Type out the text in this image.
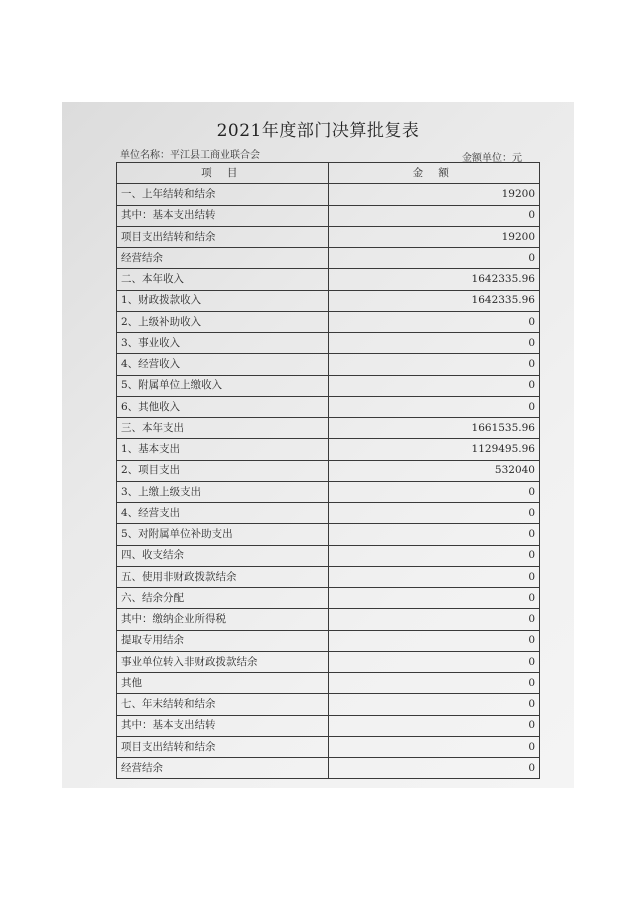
2021年度部门决算批复表
单位名称：平江县工商业联合会	金额单位：元
项 目	金 额
一、上年结转和结余	19200
其中：基本支出结转	0
项目支出结转和结余	19200
经营结余	0
二、本年收入	1642335.96
1、财政拨款收入	1642335.96
2、上级补助收入	0
3、事业收入	0
4、经营收入	0
5、附属单位上缴收入	0
6、其他收入	0
三、本年支出	1661535.96
1、基本支出	1129495.96
2、项目支出	532040
3、上缴上级支出	0
4、经营支出	0
5、对附属单位补助支出	0
四、收支结余	0
五、使用非财政拨款结余	0
六、结余分配	0
其中：缴纳企业所得税	0
提取专用结余	0
事业单位转入非财政拨款结余	0
其他	0
七、年末结转和结余	0
其中：基本支出结转	0
项目支出结转和结余	0
经营结余	0
